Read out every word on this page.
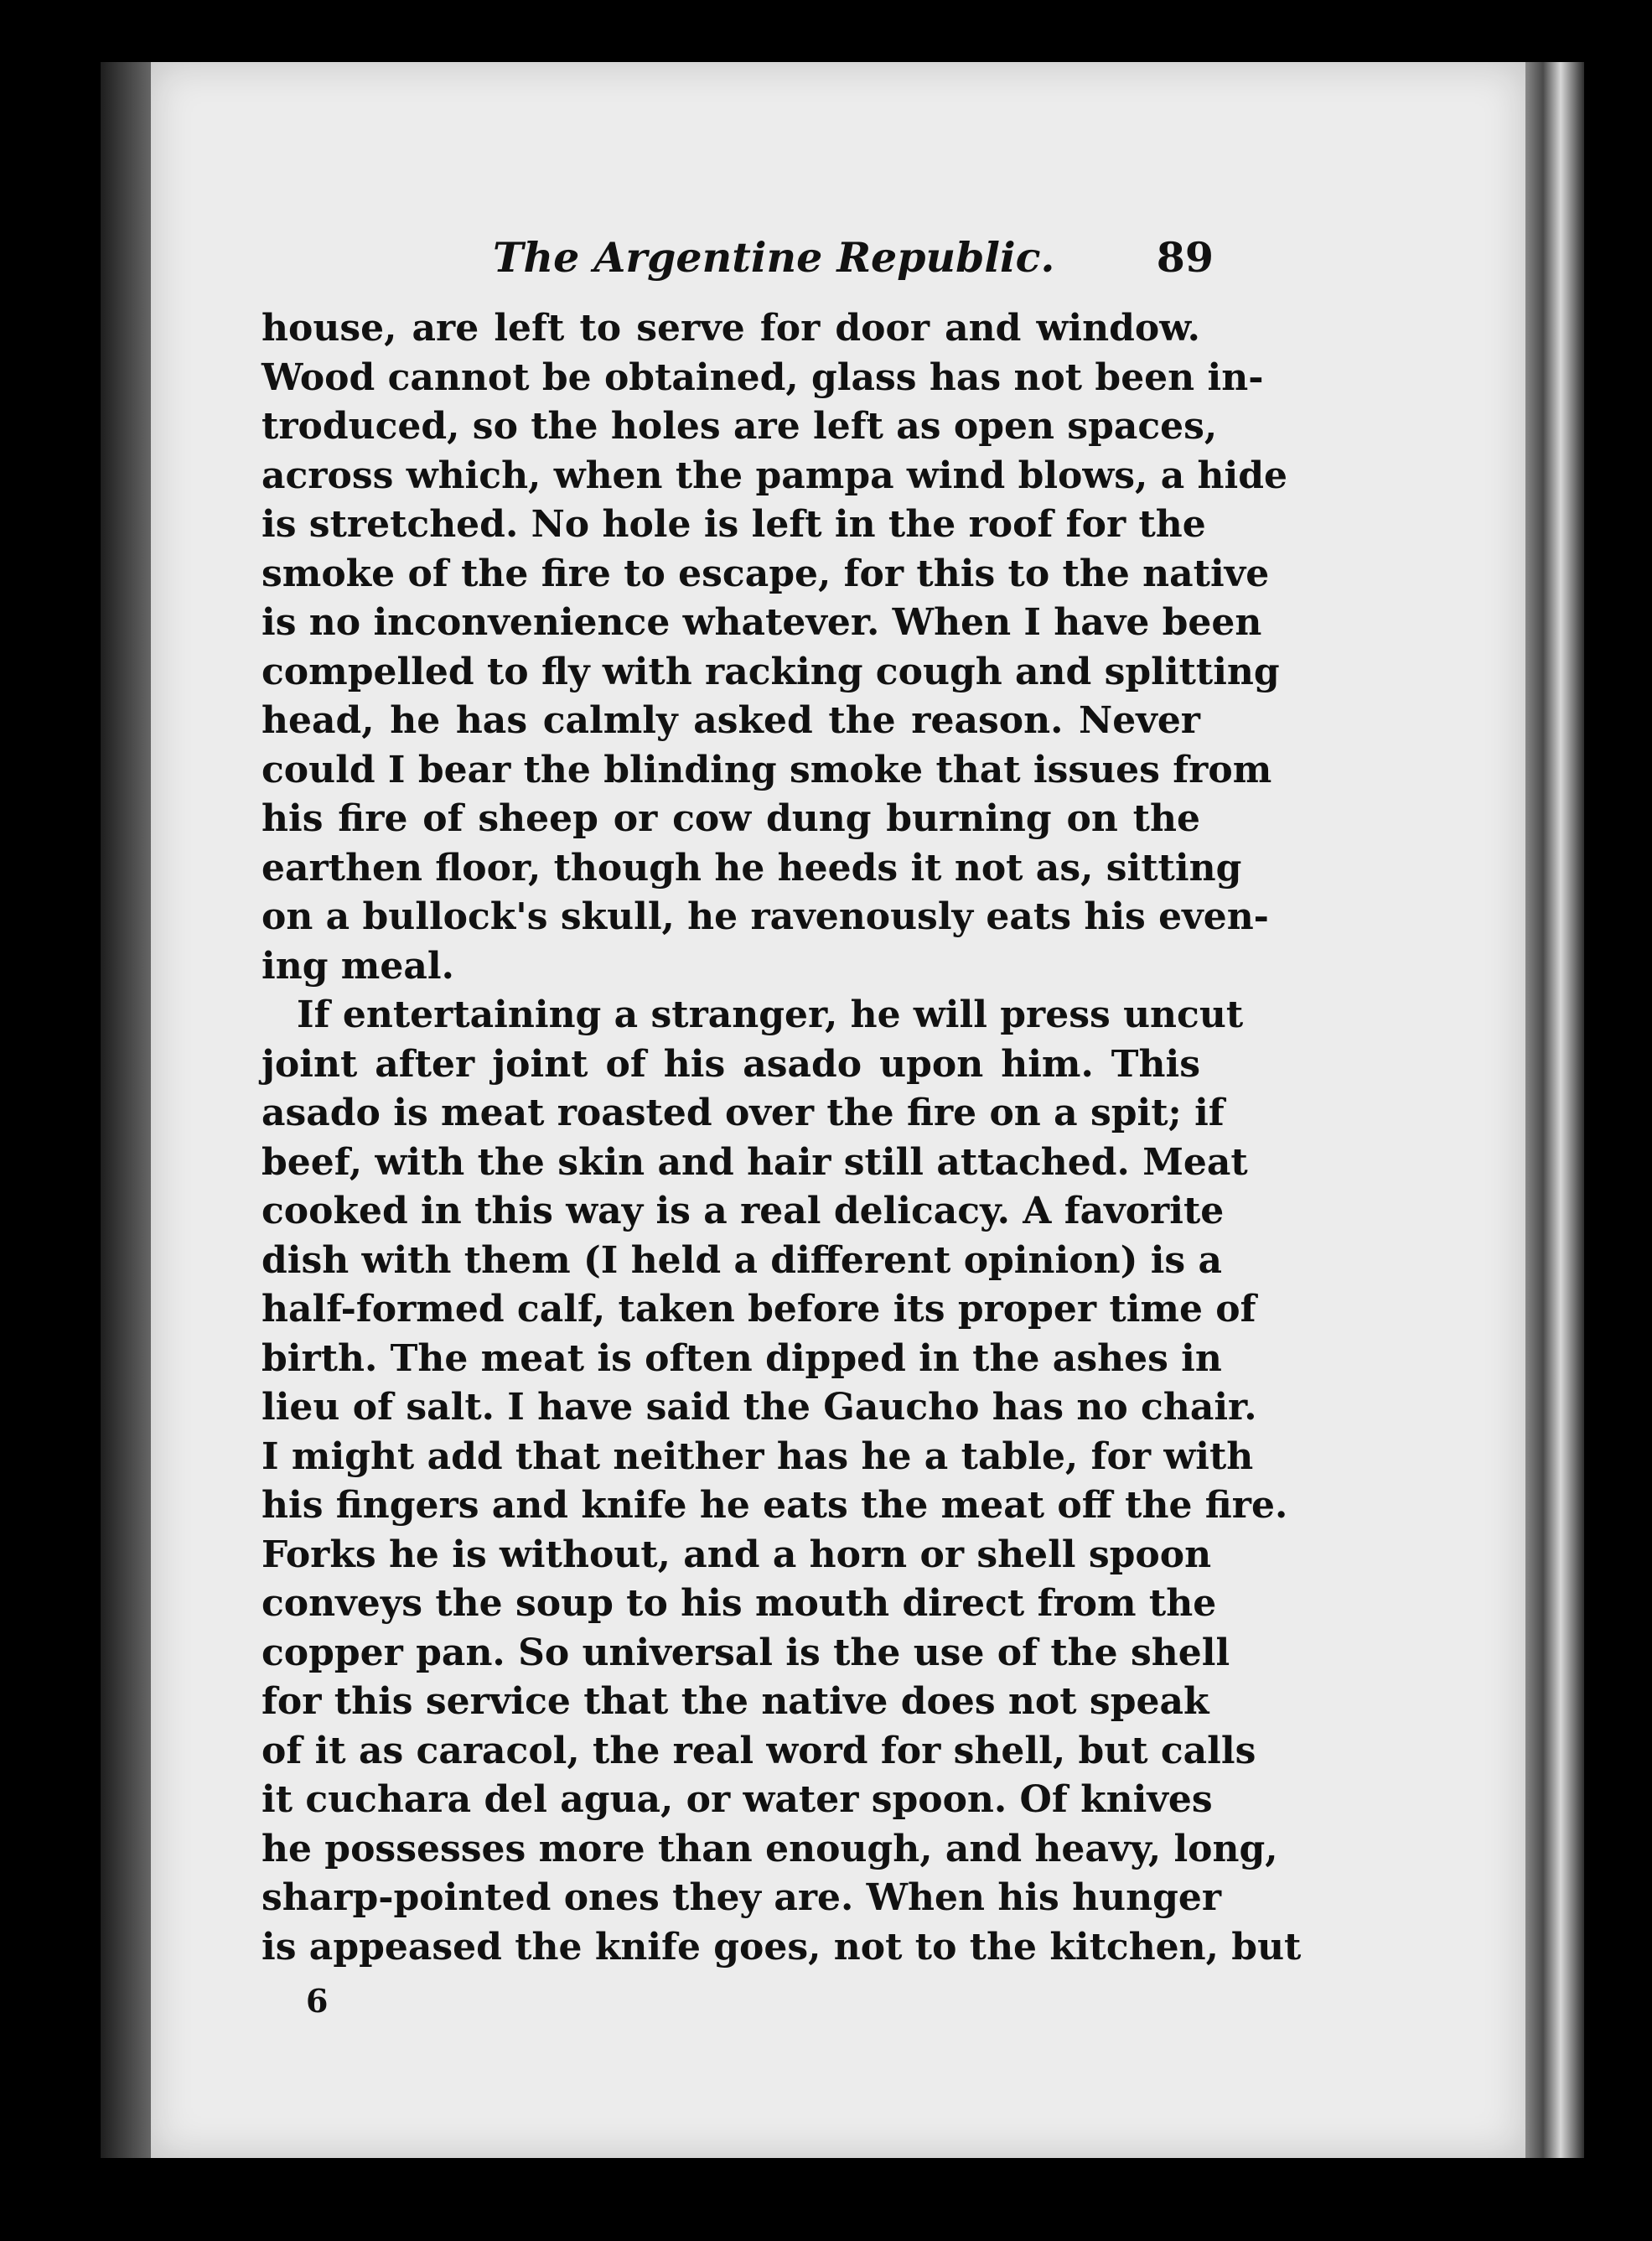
The Argentine Republic. 89
house, are left to serve for door and window.
Wood cannot be obtained, glass has not been in-
troduced, so the holes are left as open spaces,
across which, when the pampa wind blows, a hide
is stretched. No hole is left in the roof for the
smoke of the fire to escape, for this to the native
is no inconvenience whatever. When I have been
compelled to fly with racking cough and splitting
head, he has calmly asked the reason. Never
could I bear the blinding smoke that issues from
his fire of sheep or cow dung burning on the
earthen floor, though he heeds it not as, sitting
on a bullock's skull, he ravenously eats his even-
ing meal.
If entertaining a stranger, he will press uncut
joint after joint of his asado upon him. This
asado is meat roasted over the fire on a spit; if
beef, with the skin and hair still attached. Meat
cooked in this way is a real delicacy. A favorite
dish with them (I held a different opinion) is a
half-formed calf, taken before its proper time of
birth. The meat is often dipped in the ashes in
lieu of salt. I have said the Gaucho has no chair.
I might add that neither has he a table, for with
his fingers and knife he eats the meat off the fire.
Forks he is without, and a horn or shell spoon
conveys the soup to his mouth direct from the
copper pan. So universal is the use of the shell
for this service that the native does not speak
of it as caracol, the real word for shell, but calls
it cuchara del agua, or water spoon. Of knives
he possesses more than enough, and heavy, long,
sharp-pointed ones they are. When his hunger
is appeased the knife goes, not to the kitchen, but
6
